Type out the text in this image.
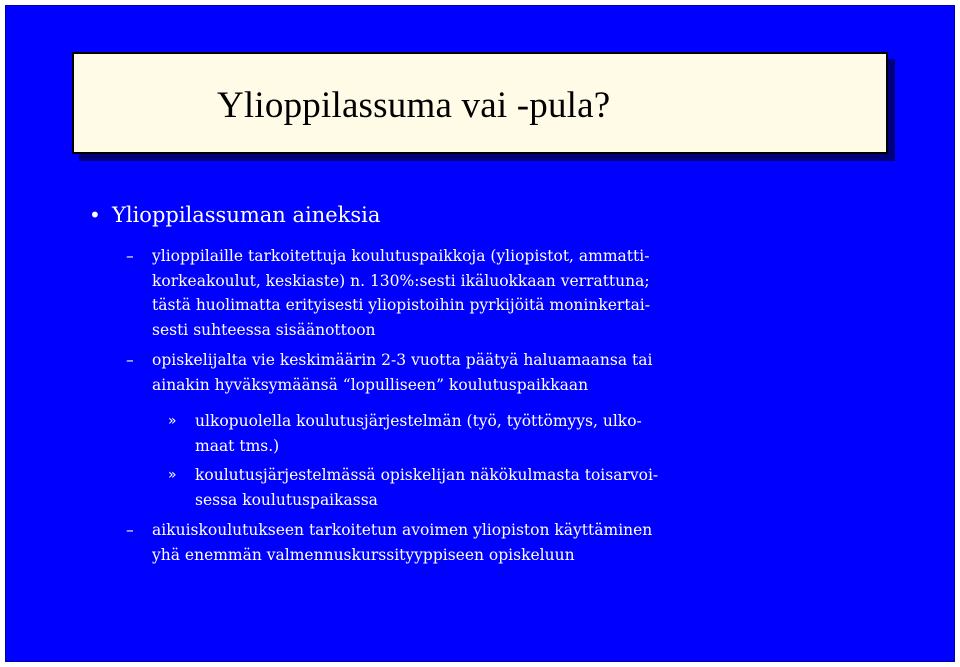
Ylioppilassuma vai -pula?
• Ylioppilassuman aineksia
– ylioppilaille tarkoitettuja koulutuspaikkoja (yliopistot, ammatti-

korkeakoulut, keskiaste) n. 130%:sesti ikäluokkaan verrattuna;

tästä huolimatta erityisesti yliopistoihin pyrkijöitä moninkertai-

sesti suhteessa sisäänottoon

– opiskelijalta vie keskimäärin 2-3 vuotta päätyä haluamaansa tai

ainakin hyväksymäänsä “lopulliseen” koulutuspaikkaan

» ulkopuolella koulutusjärjestelmän (työ, työttömyys, ulko-

maat tms.)

» koulutusjärjestelmässä opiskelijan näkökulmasta toisarvoi-

sessa koulutuspaikassa

– aikuiskoulutukseen tarkoitetun avoimen yliopiston käyttäminen

yhä enemmän valmennuskurssityyppiseen opiskeluun
